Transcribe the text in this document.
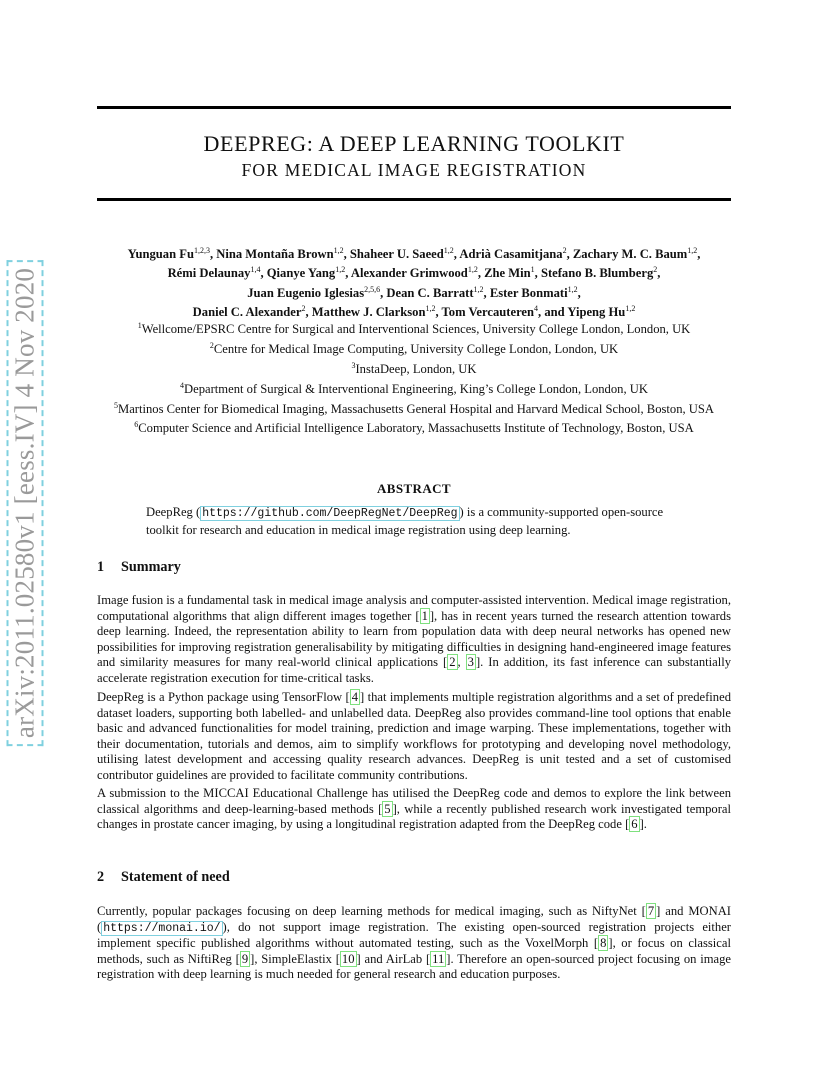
arXiv:2011.02580v1 [eess.IV] 4 Nov 2020
DEEPREG: A DEEP LEARNING TOOLKIT
FOR MEDICAL IMAGE REGISTRATION
Yunguan Fu$^{1,2,3}$, Nina Montaña Brown$^{1,2}$, Shaheer U. Saeed$^{1,2}$, Adrià Casamitjana$^2$, Zachary M. C. Baum$^{1,2}$,
Rémi Delaunay$^{1,4}$, Qianye Yang$^{1,2}$, Alexander Grimwood$^{1,2}$, Zhe Min$^1$, Stefano B. Blumberg$^2$,
Juan Eugenio Iglesias$^{2,5,6}$, Dean C. Barratt$^{1,2}$, Ester Bonmati$^{1,2}$,
Daniel C. Alexander$^2$, Matthew J. Clarkson$^{1,2}$, Tom Vercauteren$^4$, and Yipeng Hu$^{1,2}$
$^1$Wellcome/EPSRC Centre for Surgical and Interventional Sciences, University College London, London, UK
$^2$Centre for Medical Image Computing, University College London, London, UK
$^3$InstaDeep, London, UK
$^4$Department of Surgical & Interventional Engineering, King’s College London, London, UK
$^5$Martinos Center for Biomedical Imaging, Massachusetts General Hospital and Harvard Medical School, Boston, USA
$^6$Computer Science and Artificial Intelligence Laboratory, Massachusetts Institute of Technology, Boston, USA
ABSTRACT
DeepReg ( https://github.com/DeepRegNet/DeepReg ) is a community-supported open-source toolkit for research and education in medical image registration using deep learning.
1 Summary
Image fusion is a fundamental task in medical image analysis and computer-assisted intervention. Medical image registration, computational algorithms that align different images together [ 1 ], has in recent years turned the research attention towards deep learning. Indeed, the representation ability to learn from population data with deep neural networks has opened new possibilities for improving registration generalisability by mitigating difficulties in designing hand-engineered image features and similarity measures for many real-world clinical applications [ 2 , 3 ]. In addition, its fast inference can substantially accelerate registration execution for time-critical tasks.
DeepReg is a Python package using TensorFlow [ 4 ] that implements multiple registration algorithms and a set of predefined dataset loaders, supporting both labelled- and unlabelled data. DeepReg also provides command-line tool options that enable basic and advanced functionalities for model training, prediction and image warping. These implementations, together with their documentation, tutorials and demos, aim to simplify workflows for prototyping and developing novel methodology, utilising latest development and accessing quality research advances. DeepReg is unit tested and a set of customised contributor guidelines are provided to facilitate community contributions.
A submission to the MICCAI Educational Challenge has utilised the DeepReg code and demos to explore the link between classical algorithms and deep-learning-based methods [ 5 ], while a recently published research work investigated temporal changes in prostate cancer imaging, by using a longitudinal registration adapted from the DeepReg code [ 6 ].
2 Statement of need
Currently, popular packages focusing on deep learning methods for medical imaging, such as NiftyNet [ 7 ] and MONAI ( https://monai.io/ ), do not support image registration. The existing open-sourced registration projects either implement specific published algorithms without automated testing, such as the VoxelMorph [ 8 ], or focus on classical methods, such as NiftiReg [ 9 ], SimpleElastix [ 10 ] and AirLab [ 11 ]. Therefore an open-sourced project focusing on image registration with deep learning is much needed for general research and education purposes.
